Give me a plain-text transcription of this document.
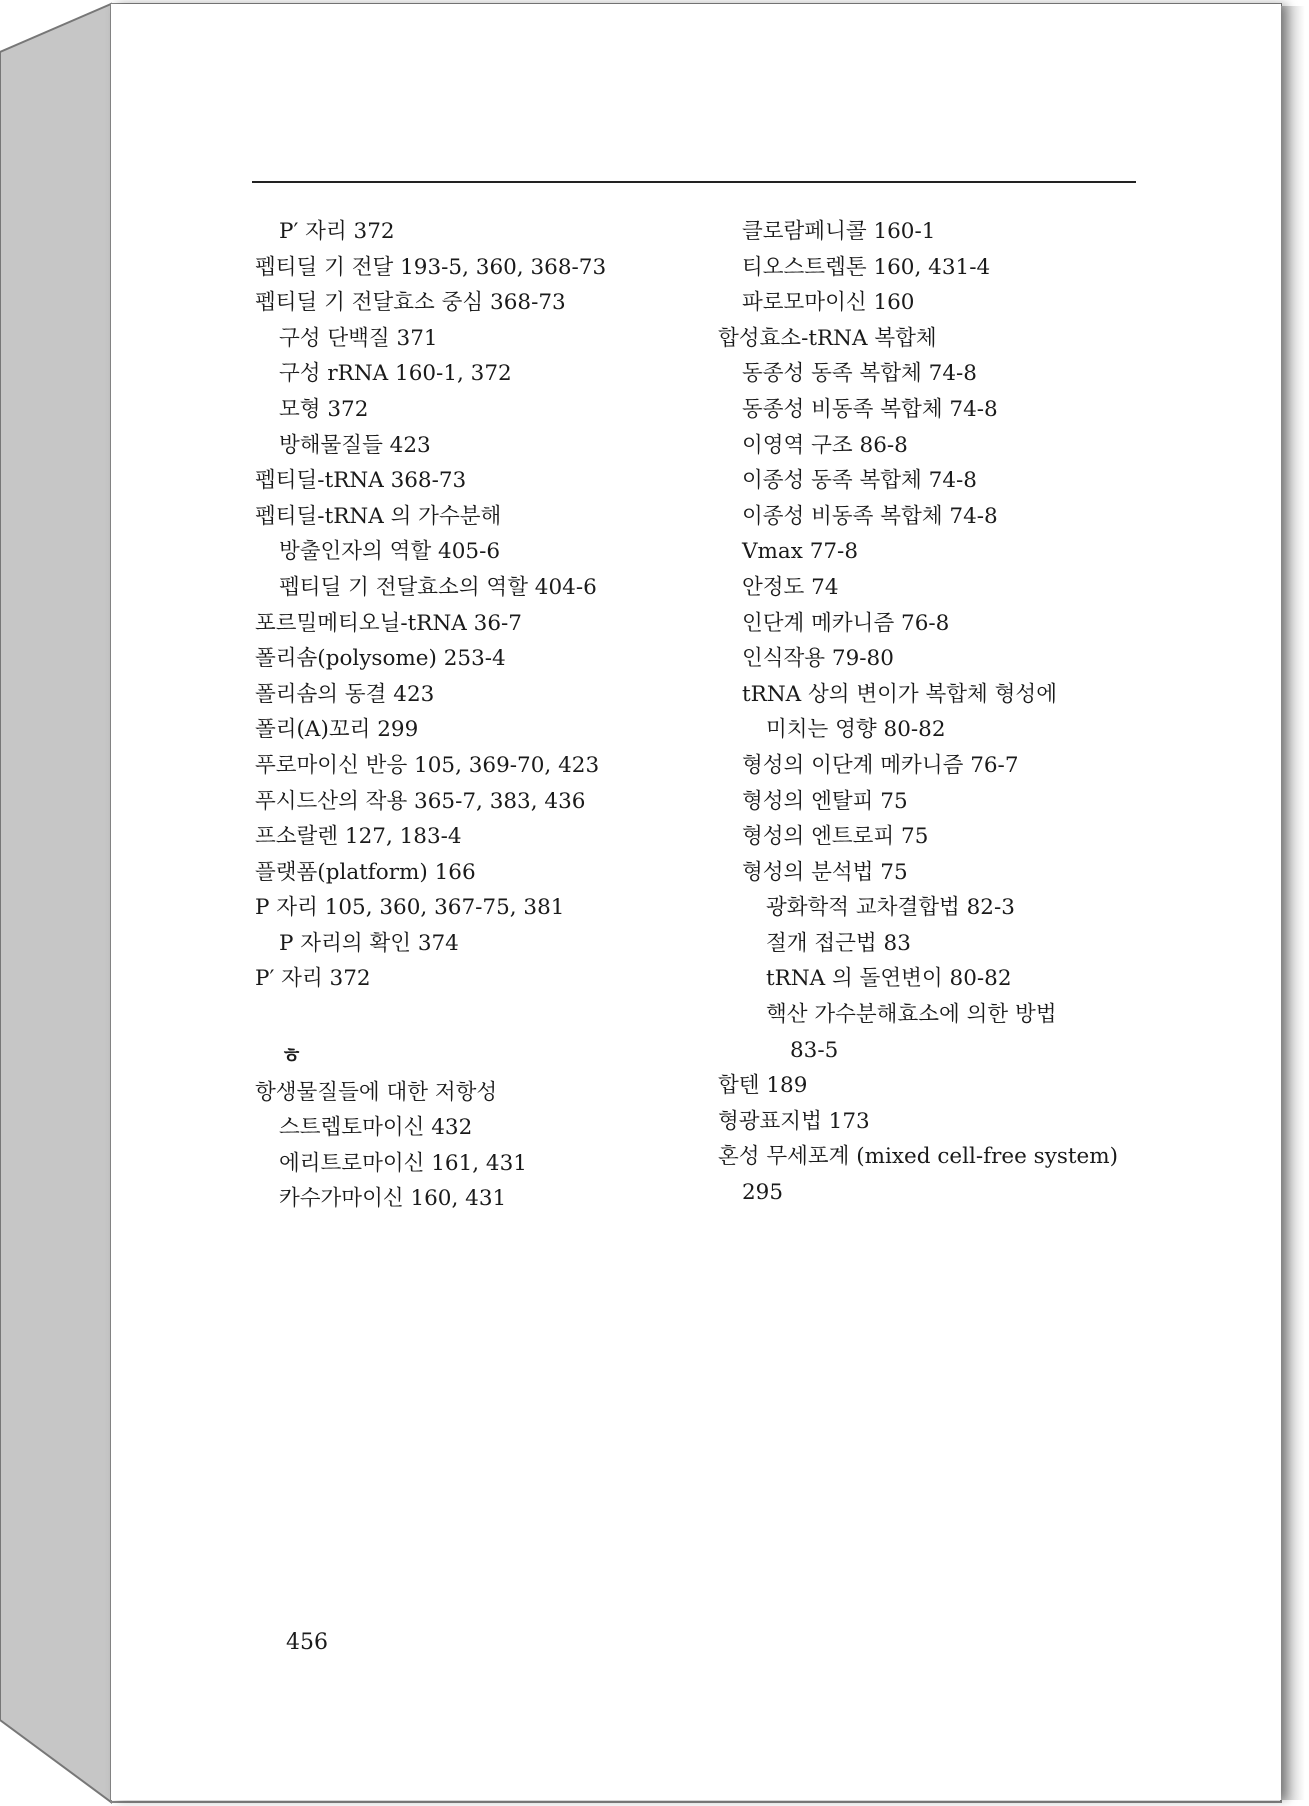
P′ 자리 372
펩티딜 기 전달 193-5, 360, 368-73
펩티딜 기 전달효소 중심 368-73
구성 단백질 371
구성 rRNA 160-1, 372
모형 372
방해물질들 423
펩티딜-tRNA 368-73
펩티딜-tRNA 의 가수분해
방출인자의 역할 405-6
펩티딜 기 전달효소의 역할 404-6
포르밀메티오닐-tRNA 36-7
폴리솜(polysome) 253-4
폴리솜의 동결 423
폴리(A)꼬리 299
푸로마이신 반응 105, 369-70, 423
푸시드산의 작용 365-7, 383, 436
프소랄렌 127, 183-4
플랫폼(platform) 166
P 자리 105, 360, 367-75, 381
P 자리의 확인 374
P′ 자리 372
ㅎ
항생물질들에 대한 저항성
스트렙토마이신 432
에리트로마이신 161, 431
카수가마이신 160, 431
클로람페니콜 160-1
티오스트렙톤 160, 431-4
파로모마이신 160
합성효소-tRNA 복합체
동종성 동족 복합체 74-8
동종성 비동족 복합체 74-8
이영역 구조 86-8
이종성 동족 복합체 74-8
이종성 비동족 복합체 74-8
Vmax 77-8
안정도 74
인단계 메카니즘 76-8
인식작용 79-80
tRNA 상의 변이가 복합체 형성에
미치는 영향 80-82
형성의 이단계 메카니즘 76-7
형성의 엔탈피 75
형성의 엔트로피 75
형성의 분석법 75
광화학적 교차결합법 82-3
절개 접근법 83
tRNA 의 돌연변이 80-82
핵산 가수분해효소에 의한 방법
83-5
합텐 189
형광표지법 173
혼성 무세포계 (mixed cell-free system)
295
456
